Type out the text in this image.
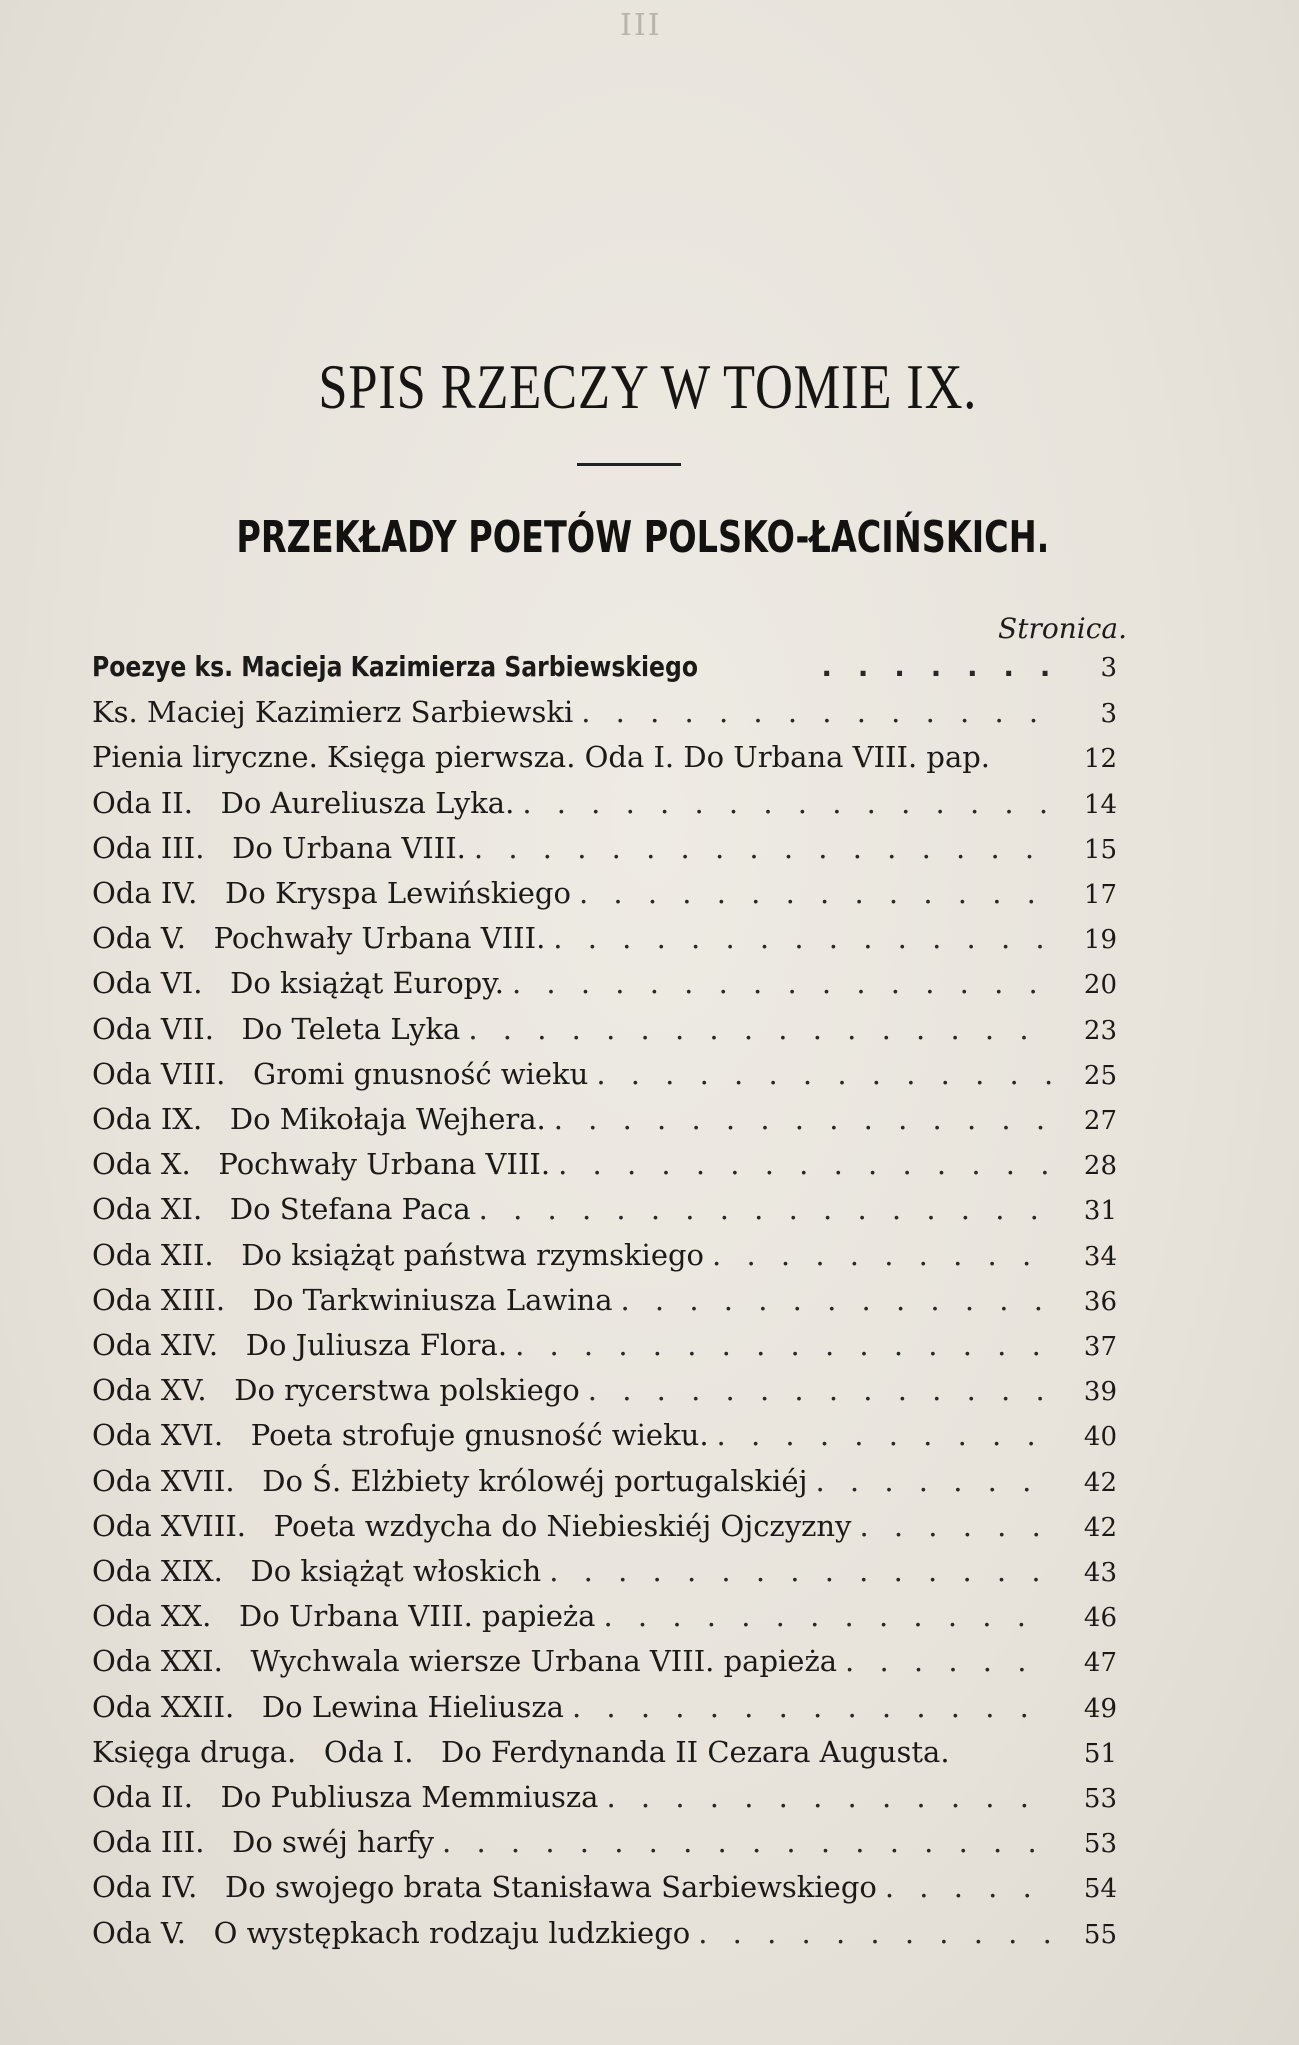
III
SPIS RZECZY W TOMIE IX.
PRZEKŁADY POETÓW POLSKO-ŁACIŃSKICH.
Stronica.
Poezye ks. Macieja Kazimierza Sarbiewskiego . . .	3
Ks. Maciej Kazimierz Sarbiewski . . .	3
Pienia liryczne. Księga pierwsza. Oda I. Do Urbana VIII. pap.	12
Oda II.   Do Aureliusza Lyka. . . .	14
Oda III.   Do Urbana VIII. . . .	15
Oda IV.   Do Kryspa Lewińskiego . . .	17
Oda V.   Pochwały Urbana VIII. . . .	19
Oda VI.   Do książąt Europy. . . .	20
Oda VII.   Do Teleta Lyka . . .	23
Oda VIII.   Gromi gnusność wieku . . .	25
Oda IX.   Do Mikołaja Wejhera. . . .	27
Oda X.   Pochwały Urbana VIII. . . .	28
Oda XI.   Do Stefana Paca . . .	31
Oda XII.   Do książąt państwa rzymskiego . . .	34
Oda XIII.   Do Tarkwiniusza Lawina . . .	36
Oda XIV.   Do Juliusza Flora. . . .	37
Oda XV.   Do rycerstwa polskiego . . .	39
Oda XVI.   Poeta strofuje gnusność wieku. . . .	40
Oda XVII.   Do Ś. Elżbiety królowéj portugalskiéj . . .	42
Oda XVIII.   Poeta wzdycha do Niebieskiéj Ojczyzny . . .	42
Oda XIX.   Do książąt włoskich . . .	43
Oda XX.   Do Urbana VIII. papieża . . .	46
Oda XXI.   Wychwala wiersze Urbana VIII. papieża . . .	47
Oda XXII.   Do Lewina Hieliusza . . .	49
Księga druga.   Oda I.   Do Ferdynanda II Cezara Augusta.	51
Oda II.   Do Publiusza Memmiusza . . .	53
Oda III.   Do swéj harfy . . .	53
Oda IV.   Do swojego brata Stanisława Sarbiewskiego . . .	54
Oda V.   O występkach rodzaju ludzkiego . . .	55
